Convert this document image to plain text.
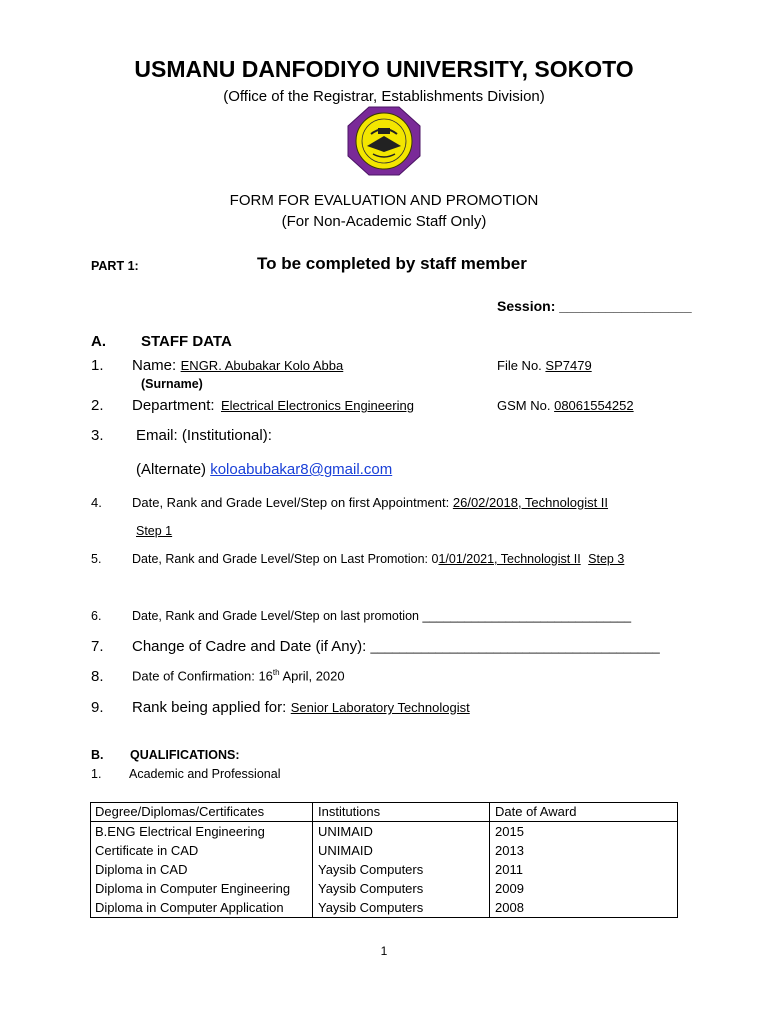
USMANU DANFODIYO UNIVERSITY, SOKOTO
(Office of the Registrar, Establishments Division)
FORM FOR EVALUATION AND PROMOTION
(For Non-Academic Staff Only)
PART 1:	To be completed by staff member
Session: _________________
A. STAFF DATA
1. Name: ENGR. Abubakar Kolo Abba
(Surname)
File No. SP7479
2. Department: Electrical Electronics Engineering	GSM No. 08061554252
3. Email: (Institutional):
(Alternate) koloabubakar8@gmail.com
4. Date, Rank and Grade Level/Step on first Appointment: 26/02/2018, Technologist II
Step 1
5. Date, Rank and Grade Level/Step on Last Promotion: 01/01/2021, Technologist II Step 3
6. Date, Rank and Grade Level/Step on last promotion ______________________________
7. Change of Cadre and Date (if Any): ________________________________________
8. Date of Confirmation: 16th April, 2020
9. Rank being applied for: Senior Laboratory Technologist
B. QUALIFICATIONS:
1. Academic and Professional
Degree/Diplomas/Certificates	Institutions	Date of Award
B.ENG Electrical Engineering	UNIMAID	2015
Certificate in CAD	UNIMAID	2013
Diploma in CAD	Yaysib Computers	2011
Diploma in Computer Engineering	Yaysib Computers	2009
Diploma in Computer Application	Yaysib Computers	2008
1
